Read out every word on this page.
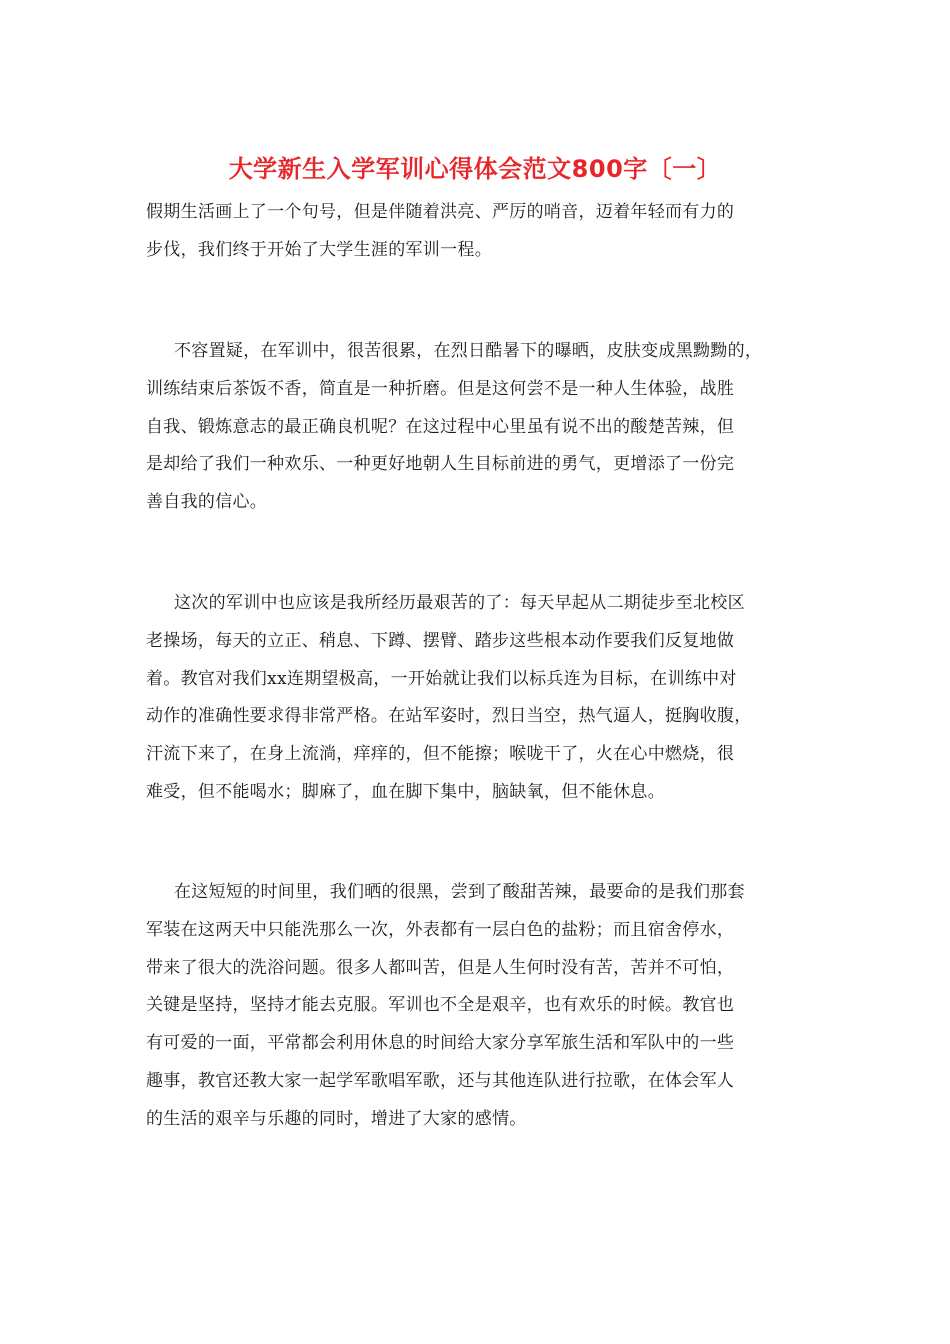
大学新生入学军训心得体会范文800字〔一〕

假期生活画上了一个句号，但是伴随着洪亮、严厉的哨音，迈着年轻而有力的
步伐，我们终于开始了大学生涯的军训一程。

不容置疑，在军训中，很苦很累，在烈日酷暑下的曝晒，皮肤变成黑黝黝的，
训练结束后茶饭不香，简直是一种折磨。但是这何尝不是一种人生体验，战胜
自我、锻炼意志的最正确良机呢？在这过程中心里虽有说不出的酸楚苦辣，但
是却给了我们一种欢乐、一种更好地朝人生目标前进的勇气，更增添了一份完
善自我的信心。

这次的军训中也应该是我所经历最艰苦的了：每天早起从二期徒步至北校区
老操场，每天的立正、稍息、下蹲、摆臂、踏步这些根本动作要我们反复地做
着。教官对我们xx连期望极高，一开始就让我们以标兵连为目标，在训练中对
动作的准确性要求得非常严格。在站军姿时，烈日当空，热气逼人，挺胸收腹，
汗流下来了，在身上流淌，痒痒的，但不能擦；喉咙干了，火在心中燃烧，很
难受，但不能喝水；脚麻了，血在脚下集中，脑缺氧，但不能休息。

在这短短的时间里，我们晒的很黑，尝到了酸甜苦辣，最要命的是我们那套
军装在这两天中只能洗那么一次，外表都有一层白色的盐粉；而且宿舍停水，
带来了很大的洗浴问题。很多人都叫苦，但是人生何时没有苦，苦并不可怕，
关键是坚持，坚持才能去克服。军训也不全是艰辛，也有欢乐的时候。教官也
有可爱的一面，平常都会利用休息的时间给大家分享军旅生活和军队中的一些
趣事，教官还教大家一起学军歌唱军歌，还与其他连队进行拉歌，在体会军人
的生活的艰辛与乐趣的同时，增进了大家的感情。
